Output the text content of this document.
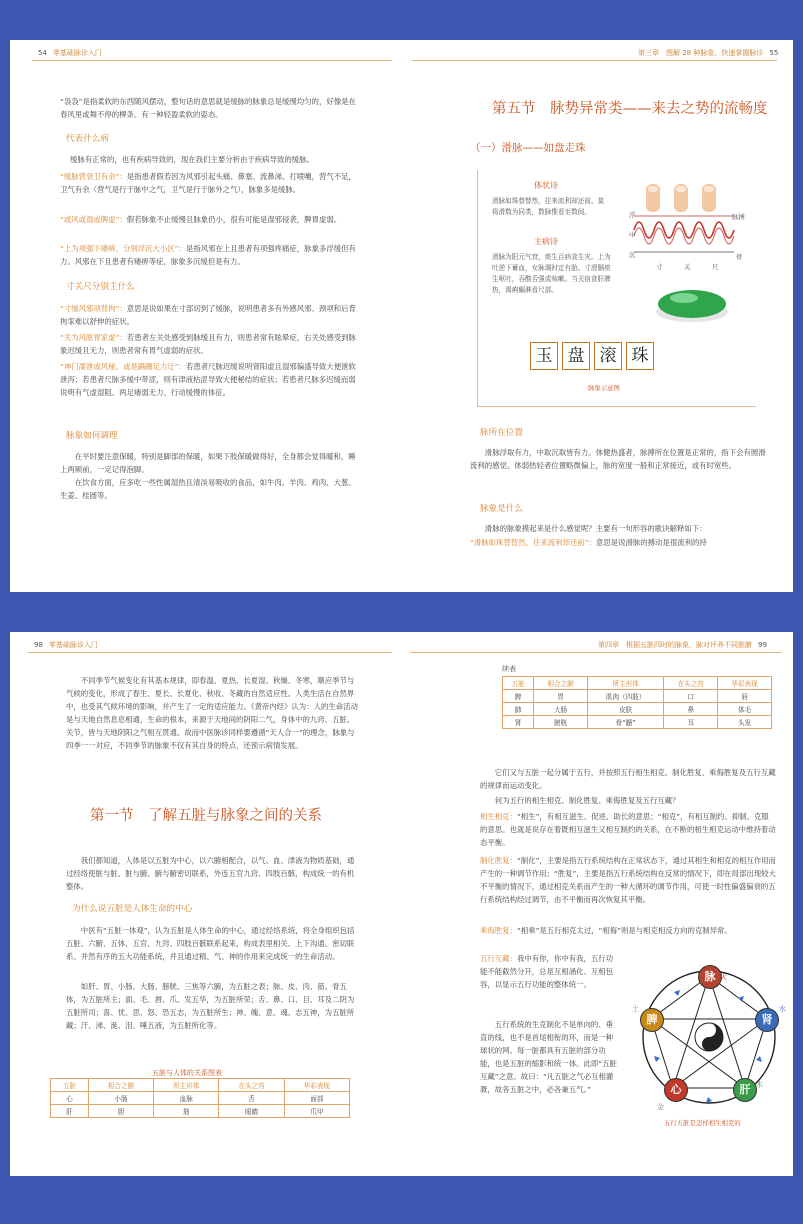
54 零基础脉诊入门

“袅袅”是指柔软的东西随风摆动，整句话的意思就是缓脉的脉象总是缓慢均匀的，好像是在春风里或舞不停的柳条。有一种轻盈柔软的姿态。

代表什么病

缓脉有正常的，也有疾病导致的，现在我们主要分析由于疾病导致的缓脉。

“缓脉营衰卫有余”：是指患者假若因为风邪引起头痛、鼻塞、流鼻涕、打喷嚏，营气不足，卫气有余（营气是行于脉中之气，卫气是行于脉外之气），脉象多是缓脉。

“或风或湿或脾虚”：假若脉象不止缓慢且脉象仍小，很有可能是湿邪侵袭，脾胃虚弱。

“上为项强下痿痹，分别浮沉大小区”：是指风邪在上且患者有项强疼痛症，脉象多浮缓但有力。风邪在下且患者有痿痹等症，脉象多沉缓但是有力。

寸关尺分别主什么

“寸缓风邪项背拘”：意思是说如果在寸部切到了缓脉，说明患者多有外感风邪、颈项和后背拘挛难以舒伸的症状。

“关为风眩胃家虚”：若患者左关处感受到脉缓且有力，则患者常有眩晕症，右关处感受到脉象迟缓且无力，则患者常有胃气虚弱的症状。

“神门濡泄或风秘，或是蹒跚足力迂”：若患者尺脉迟缓说明肾阳虚且湿邪偏盛导致大便泄软泄泻；若患者尺脉多缓中带涩，则有津液枯涩导致大便秘结的症状；若患者尺脉多迟缓而弱说明有气虚湿阻、两足痿弱无力、行动缓慢的体征。

脉象如何调理

在平时要注意保暖，特别是脚部的保暖，如果下肢保暖做得好，全身都会觉得暖和，睡上两频前，一定记得泡脚。

在饮食方面，应多吃一些性属湿热且清淡易吸收的食品，如牛肉、羊肉、鸡肉、大葱、生姜、桂圆等。

第三章　图解 28 种脉象，快速掌握脉诊 55
第五节　脉势异常类——来去之势的流畅度
（一）滑脉——如盘走珠
体状诗
滑脉如珠替替然，往来流利却还前。莫将滑数为同类，数脉惟看至数间。
主病诗
滑脉为阳元气衰，痰生百病食生灾。上为吐逆下蓄血，女脉调时定有胎。寸滑膈痰生呕吐，吞酸舌强或咳嗽。当关宿食肝脾热，渴痢癫淋看尺部。
浮
中
沉
脉搏
骨
寸	关	尺
玉 盘 滚 珠
脉象示意图
脉所在位置

滑脉浮取有力，中取沉取皆有力。体健热盛者，脉搏所在位置是正常的，指下会有圆滑流利的感觉。体弱热轻者位置略微偏上，脉的宽度一般和正常接近，或有时宽些。

脉象是什么

滑脉的脉象摸起来是什么感觉呢？主要有一句形容的歌诀解释如下：

“滑脉如珠替替然，往来流利却还前”：意思是说滑脉的搏动是很流利的持

98 零基础脉诊入门

不同季节气候变化有其基本规律，即春温、夏热、长夏湿、秋燥、冬寒，顺应季节与气候的变化，形成了春生、夏长、长夏化、秋收、冬藏的自然适应性。人类生活在自然界中，也受其气候环境的影响，并产生了一定的适应能力。《黄帝内经》认为：人的生命活动是与天地自然息息相通，生命的根本，来源于天地间的阴阳二气，身体中的九窍、五脏、关节，皆与天地阴阳之气相互贯通。故而中医脉诊同样要遵循“天人合一”的理念，脉象与四季一一对应，不同季节的脉象不仅有其自身的特点，还预示病情发展。

第一节　了解五脏与脉象之间的关系

我们都知道，人体是以五脏为中心，以六腑相配合，以气、血、津液为物质基础，通过经络使脏与脏、脏与腑、腑与腑密切联系，外连五官九窍、四肢百骸，构成统一的有机整体。

为什么说五脏是人体生命的中心

中医有“五脏一体观”，认为五脏是人体生命的中心，通过经络系统，将全身组织包括五脏、六腑、五体、五官、九窍、四肢百骸联系起来，构成表里相关、上下沟通、密切联系、井然有序的五大功能系统，并且通过精、气、神的作用来完成统一的生命活动。

如肝、胃、小肠、大肠、膀胱、三焦等六腑，为五脏之表；脉、皮、肉、筋、骨五体，为五脏所主；面、毛、唇、爪、发五华，为五脏所荣；舌、鼻、口、目、耳及二阴为五脏所司；喜、忧、思、怒、恐五志，为五脏所生；神、魄、意、魂、志五神，为五脏所藏；汗、涕、涎、泪、唾五液，为五脏所化等。

五脏与人体的关系图表
五脏	相合之腑	所主形体	在头之窍	华彩表现
心	小肠	血脉	舌	面部
肝	胆	筋	眼睛	爪甲
第四章　根据五脏四时的脉象，脉对评养不同脏腑 99
续表
五脏	相合之腑	所主形体	在头之窍	华彩表现
脾	胃	肌肉（四肢）	口	唇
肺	大肠	皮肤	鼻	体毛
肾	膀胱	骨“髓”	耳	头发

它们又与五脏一起分属于五行，并按照五行相生相克、制化胜复、乘侮胜复及五行互藏的规律而运动变化。

何为五行的相生相克、制化胜复、乘侮胜复及五行互藏？

相生相克：“相生”，有相互滋生、促进、助长的意思；“相克”，有相互制约、抑制、克服的意思。也就是说存在着既相互滋生又相互制约的关系，在不断的相生相克运动中维持着动态平衡。

制化胜复：“制化”，主要是指五行系统结构在正常状态下，通过其相生和相克的相互作用而产生的一种调节作用；“胜复”，主要是指五行系统结构在反常的情况下，即在局部出现较大不平衡的情况下，通过相克关系而产生的一种大循环的调节作用，可使一时性偏盛偏衰的五行系统结构经过调节，由不平衡而再次恢复其平衡。

乘侮胜复：“相乘”是五行相克太过，“相侮”则是与相克相反方向的克制异常。

五行互藏：我中有你，你中有我，五行功能不能截然分开，总是互相涵化、互相包容，以显示五行功能的整体统一。

五行系统的生克制化不是单向的、垂直的线，也不是首尾相衔的环，而是一种球状的网。每一脏都具有五脏的部分功能，也是五脏的缩影和统一体。此即“五脏互藏”之意。故曰：“凡五脏之气必互相灌溉，故各五脏之中，必各兼五气。”

脉
肾
肝
心
脾
火
土	水
木
金
五行五脏是怎样相生相克的
